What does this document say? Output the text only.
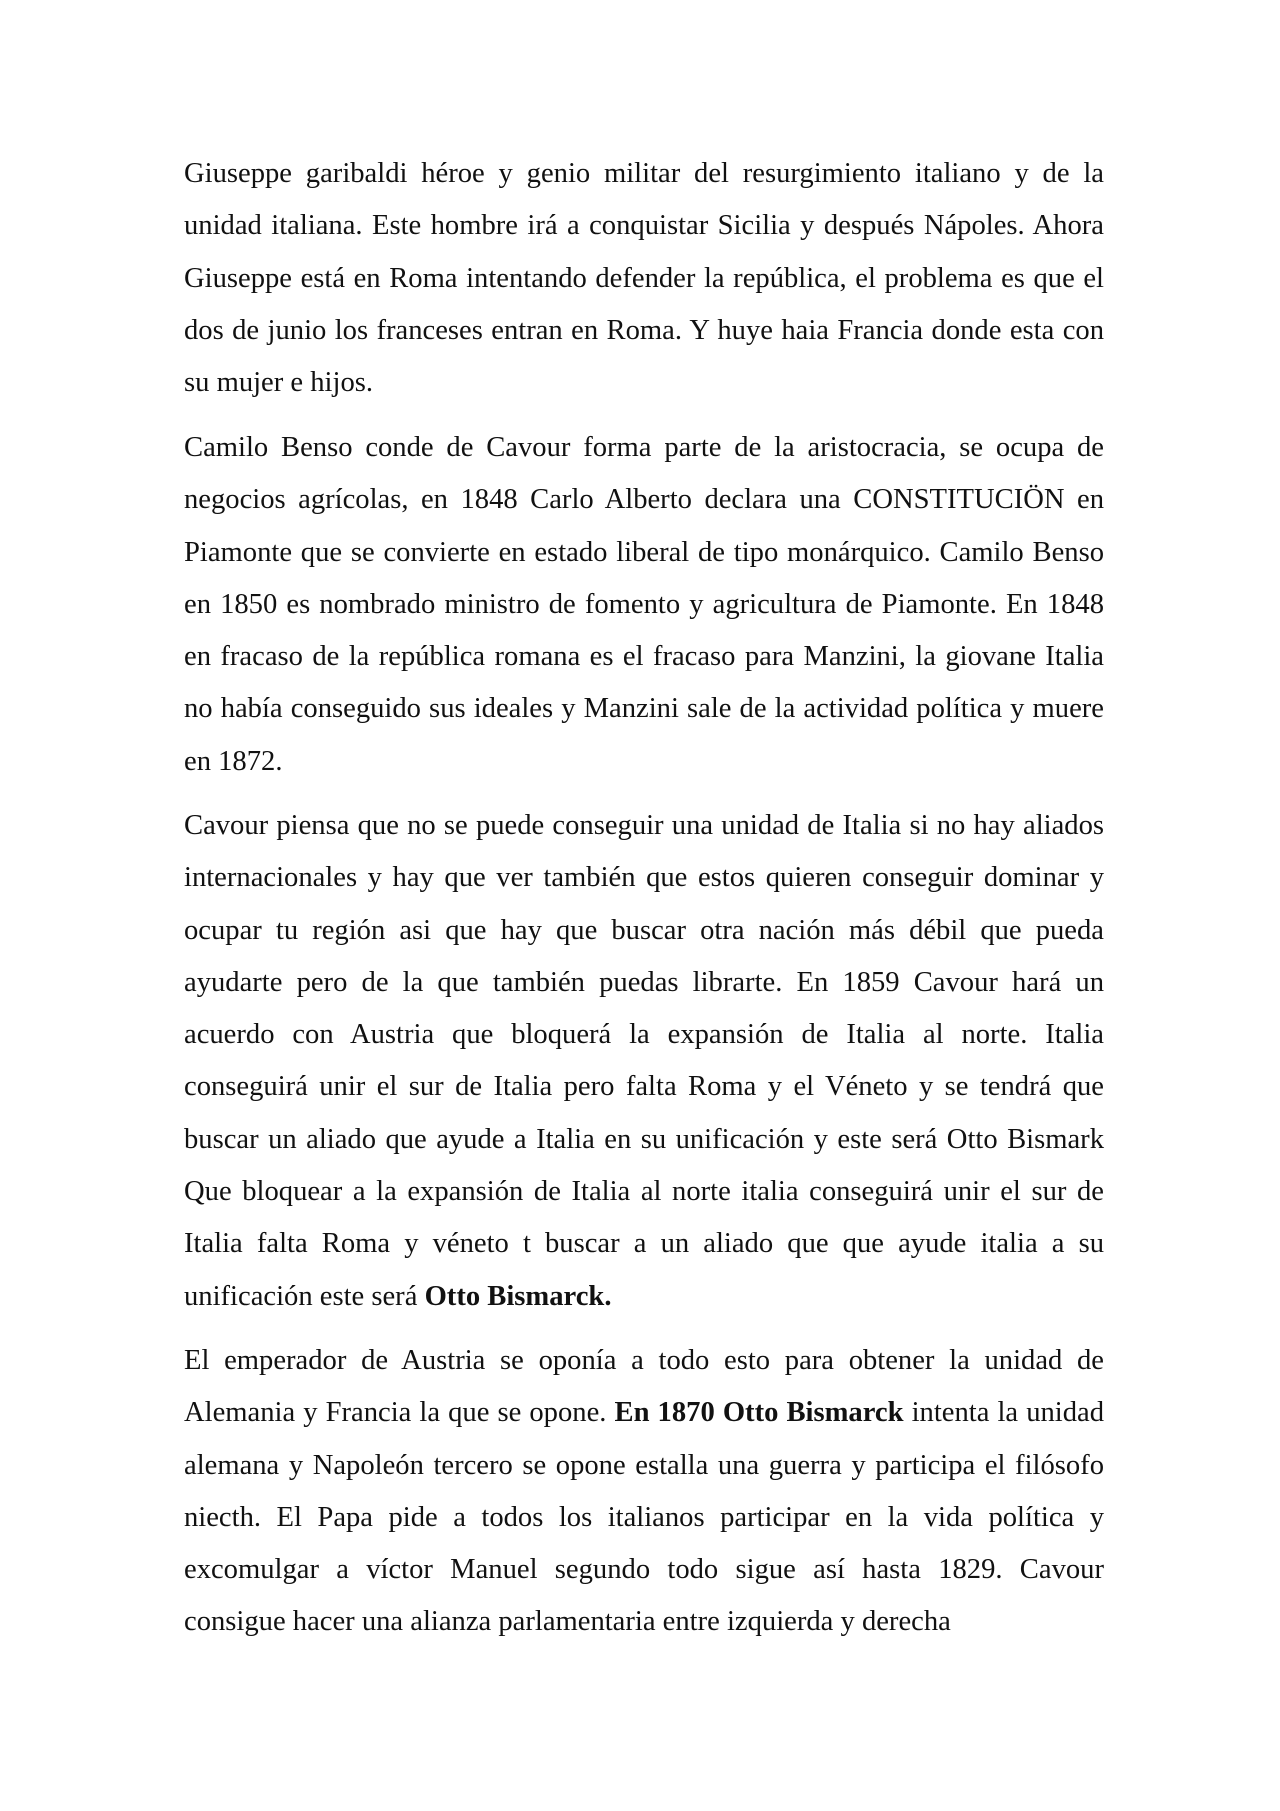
Giuseppe garibaldi héroe y genio militar del resurgimiento italiano y de la unidad italiana. Este hombre irá a conquistar Sicilia y después Nápoles. Ahora Giuseppe está en Roma intentando defender la república, el problema es que el dos de junio los franceses entran en Roma. Y huye haia Francia donde esta con su mujer e hijos.

Camilo Benso conde de Cavour forma parte de la aristocracia, se ocupa de negocios agrícolas, en 1848 Carlo Alberto declara una CONSTITUCIÖN en Piamonte que se convierte en estado liberal de tipo monárquico. Camilo Benso en 1850 es nombrado ministro de fomento y agricultura de Piamonte. En 1848 en fracaso de la república romana es el fracaso para Manzini, la giovane Italia no había conseguido sus ideales y Manzini sale de la actividad política y muere en 1872.

Cavour piensa que no se puede conseguir una unidad de Italia si no hay aliados internacionales y hay que ver también que estos quieren conseguir dominar y ocupar tu región asi que hay que buscar otra nación más débil que pueda ayudarte pero de la que también puedas librarte. En 1859 Cavour hará un acuerdo con Austria que bloquerá la expansión de Italia al norte. Italia conseguirá unir el sur de Italia pero falta Roma y el Véneto y se tendrá que buscar un aliado que ayude a Italia en su unificación y este será Otto Bismark Que bloquear a la expansión de Italia al norte italia conseguirá unir el sur de Italia falta Roma y véneto t buscar a un aliado que que ayude italia a su unificación este será Otto Bismarck.

El emperador de Austria se oponía a todo esto para obtener la unidad de Alemania y Francia la que se opone. En 1870 Otto Bismarck intenta la unidad alemana y Napoleón tercero se opone estalla una guerra y participa el filósofo niecth. El Papa pide a todos los italianos participar en la vida política y excomulgar a víctor Manuel segundo todo sigue así hasta 1829. Cavour consigue hacer una alianza parlamentaria entre izquierda y derecha
